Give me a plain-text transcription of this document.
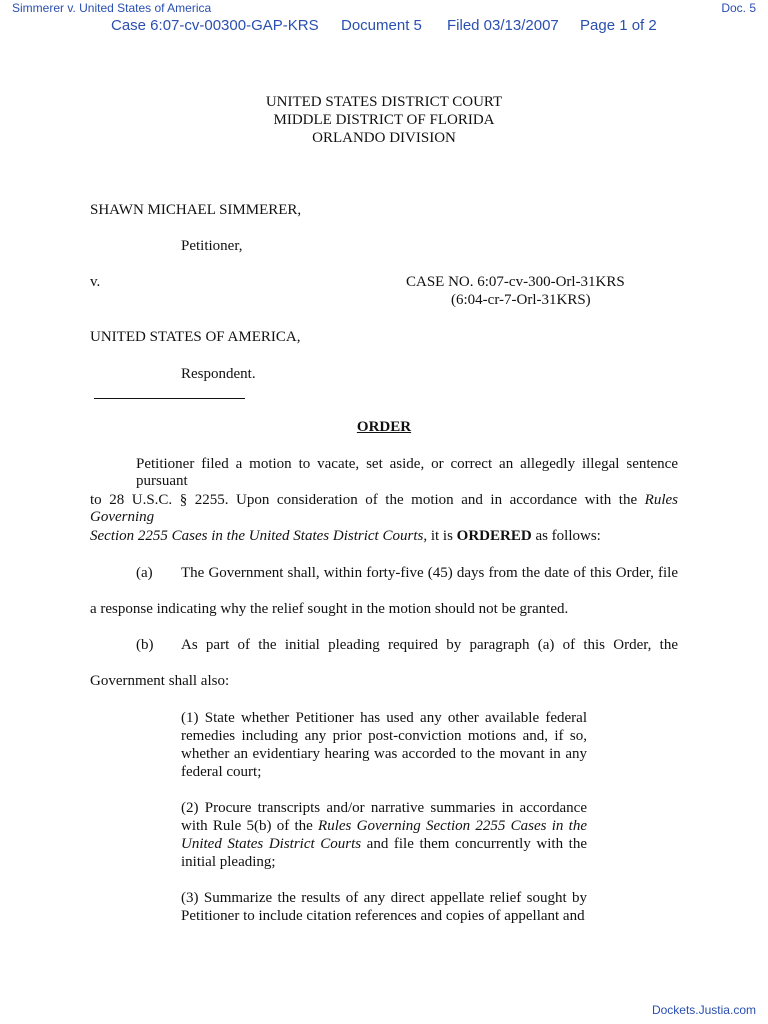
Simmerer v. United States of America	Doc. 5
Case 6:07-cv-00300-GAP-KRS Document 5 Filed 03/13/2007 Page 1 of 2
UNITED STATES DISTRICT COURT
MIDDLE DISTRICT OF FLORIDA
ORLANDO DIVISION
SHAWN MICHAEL SIMMERER,
Petitioner,
v.	CASE NO. 6:07-cv-300-Orl-31KRS
(6:04-cr-7-Orl-31KRS)
UNITED STATES OF AMERICA,
Respondent.
ORDER
Petitioner filed a motion to vacate, set aside, or correct an allegedly illegal sentence pursuant
to 28 U.S.C. § 2255. Upon consideration of the motion and in accordance with the Rules Governing
Section 2255 Cases in the United States District Courts, it is ORDERED as follows:
(a) The Government shall, within forty-five (45) days from the date of this Order, file
a response indicating why the relief sought in the motion should not be granted.
(b) As part of the initial pleading required by paragraph (a) of this Order, the
Government shall also:
(1) State whether Petitioner has used any other available federal remedies including any prior post-conviction motions and, if so, whether an evidentiary hearing was accorded to the movant in any federal court;
(2) Procure transcripts and/or narrative summaries in accordance with Rule 5(b) of the Rules Governing Section 2255 Cases in the United States District Courts and file them concurrently with the initial pleading;
(3) Summarize the results of any direct appellate relief sought by Petitioner to include citation references and copies of appellant and
Dockets.Justia.com
